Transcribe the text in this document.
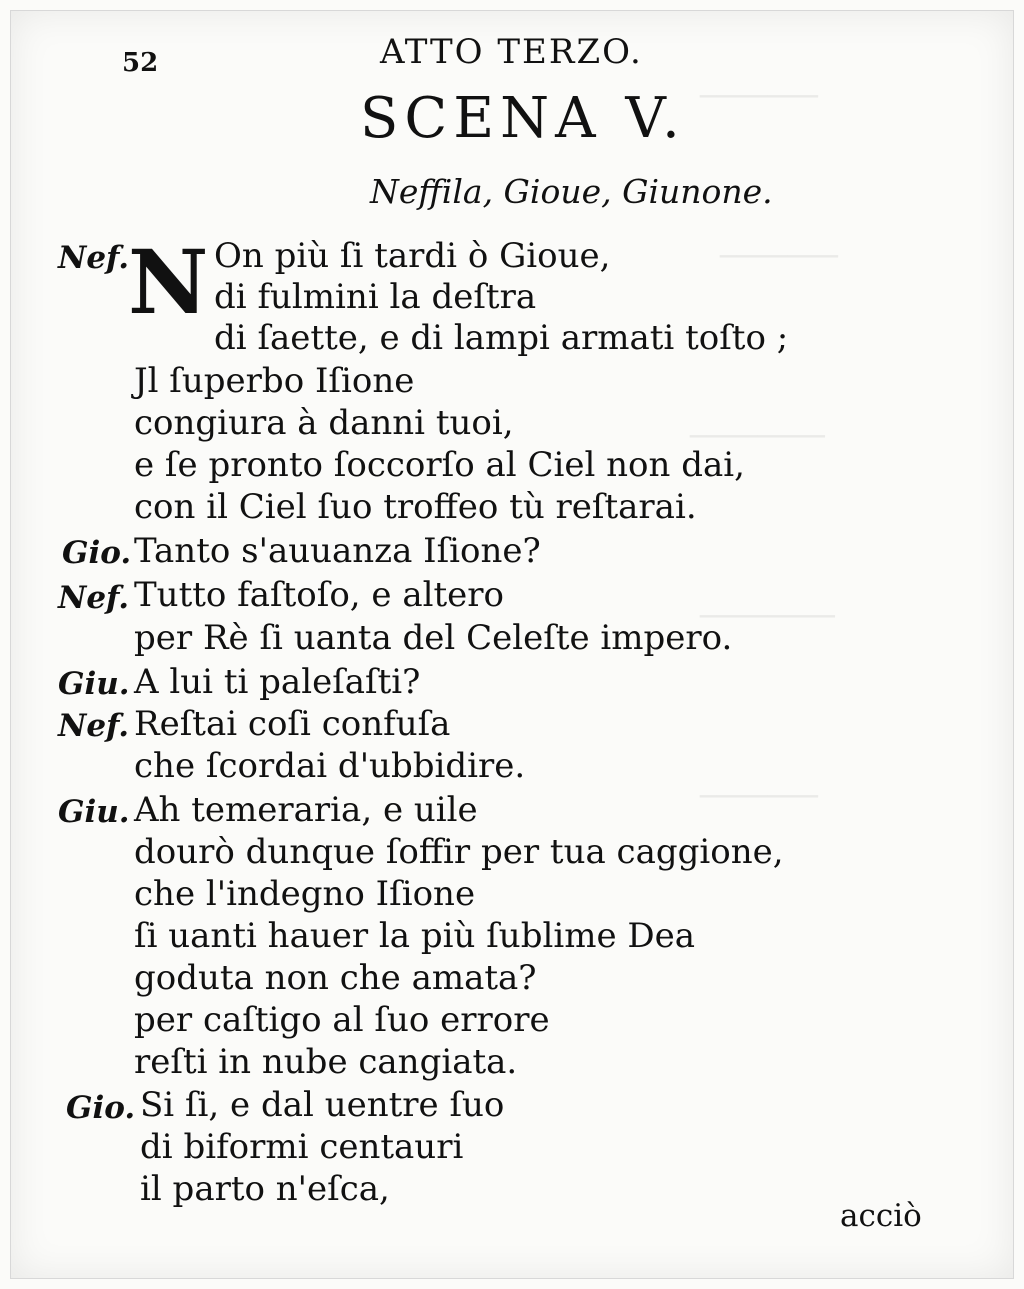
───────
───────
────────
────────
───────
52	ATTO TERZO.
SCENA V.
Neffila, Gioue, Giunone.
Nef.
N On più ſi tardi ò Gioue,
di fulmini la deſtra
di ſaette, e di lampi armati toſto ;
Jl ſuperbo Iſione
congiura à danni tuoi,
e ſe pronto ſoccorſo al Ciel non dai,
con il Ciel ſuo troffeo tù reſtarai.
Gio. Tanto s'auuanza Iſione?
Nef. Tutto faſtoſo, e altero
per Rè ſi uanta del Celeſte impero.
Giu. A lui ti paleſaſti?
Nef. Reſtai coſi confuſa
che ſcordai d'ubbidire.
Giu. Ah temeraria, e uile
dourò dunque ſoffir per tua caggione,
che l'indegno Iſione
ſi uanti hauer la più ſublime Dea
goduta non che amata?
per caſtigo al ſuo errore
reſti in nube cangiata.
Gio. Si ſi, e dal uentre ſuo
di biformi centauri
il parto n'eſca,
acciò
